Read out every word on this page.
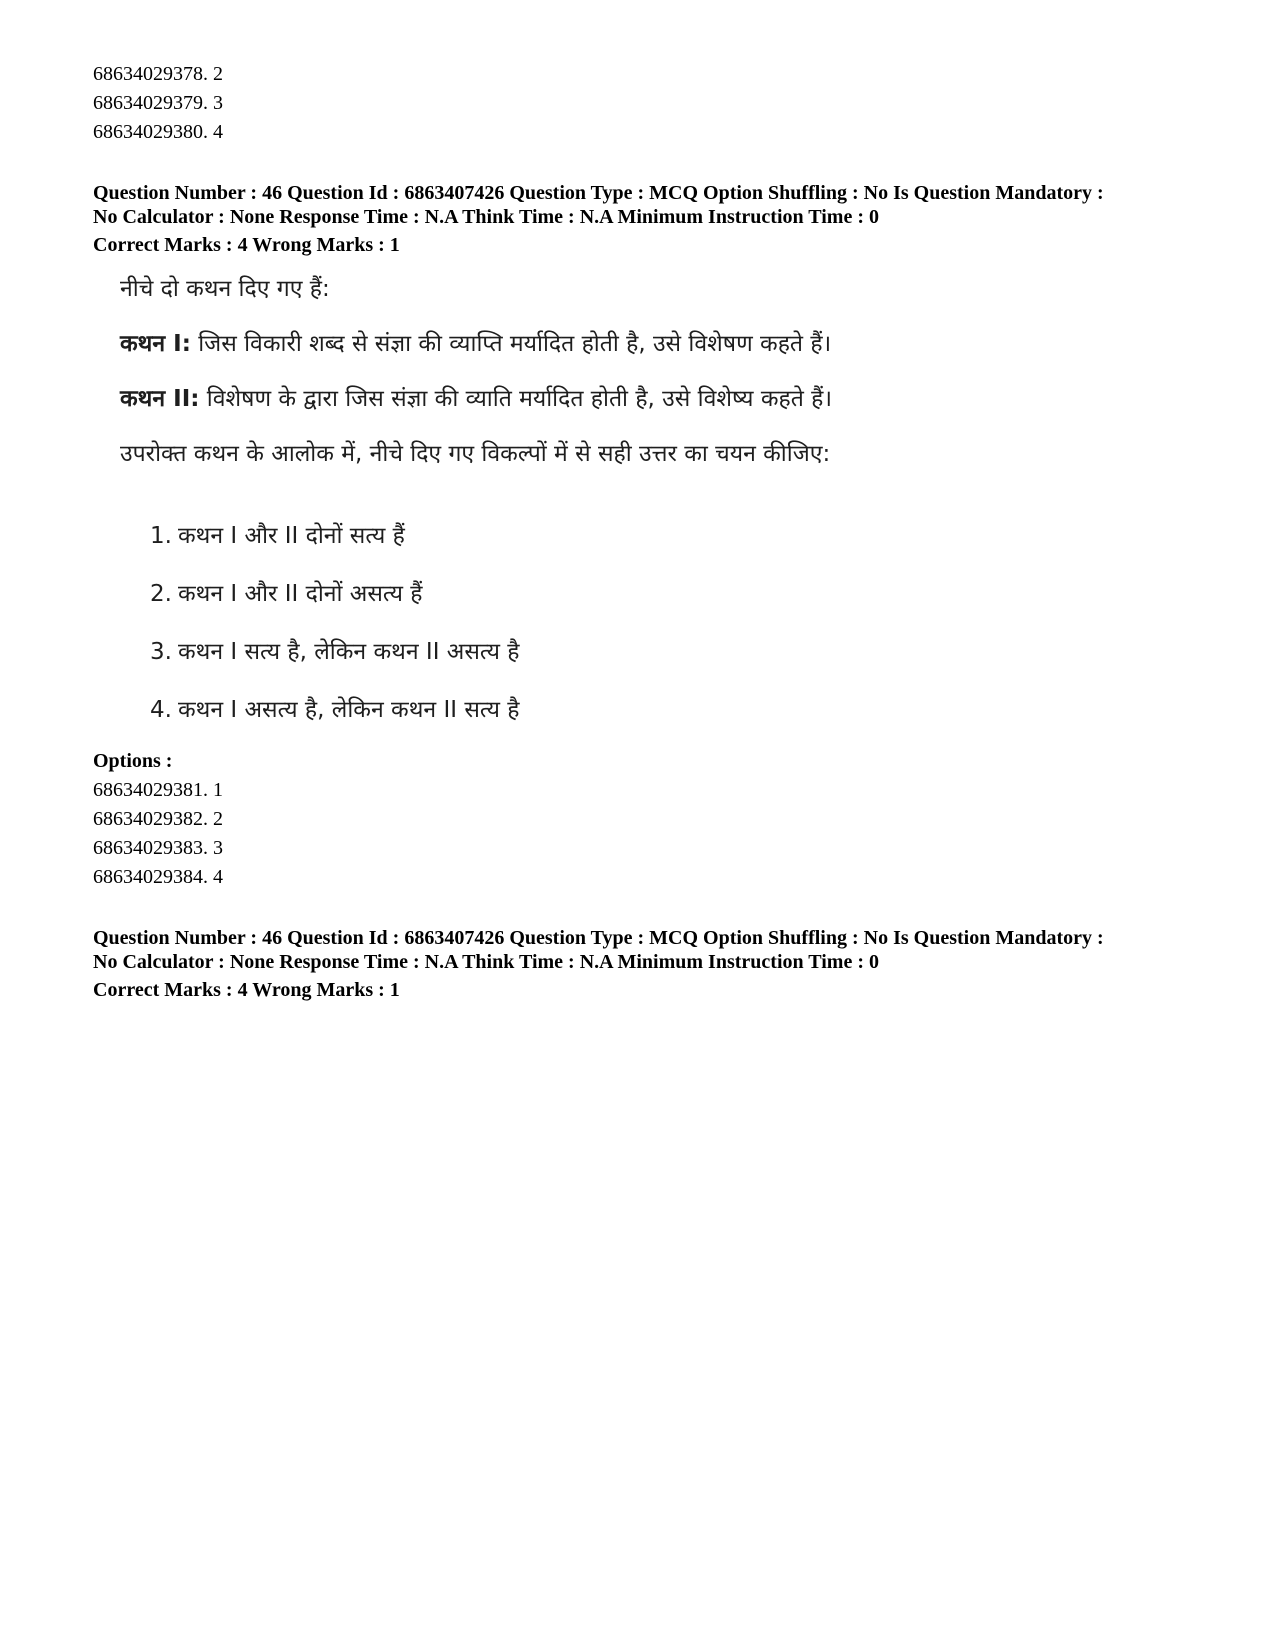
68634029378. 2
68634029379. 3
68634029380. 4
Question Number : 46 Question Id : 6863407426 Question Type : MCQ Option Shuffling : No Is Question Mandatory :
No Calculator : None Response Time : N.A Think Time : N.A Minimum Instruction Time : 0
Correct Marks : 4 Wrong Marks : 1
नीचे दो कथन दिए गए हैं:
कथन I: जिस विकारी शब्द से संज्ञा की व्याप्ति मर्यादित होती है, उसे विशेषण कहते हैं।
कथन II: विशेषण के द्वारा जिस संज्ञा की व्याति मर्यादित होती है, उसे विशेष्य कहते हैं।
उपरोक्त कथन के आलोक में, नीचे दिए गए विकल्पों में से सही उत्तर का चयन कीजिए:
1. कथन I और II दोनों सत्य हैं
2. कथन I और II दोनों असत्य हैं
3. कथन I सत्य है, लेकिन कथन II असत्य है
4. कथन I असत्य है, लेकिन कथन II सत्य है
Options :
68634029381. 1
68634029382. 2
68634029383. 3
68634029384. 4
Question Number : 46 Question Id : 6863407426 Question Type : MCQ Option Shuffling : No Is Question Mandatory :
No Calculator : None Response Time : N.A Think Time : N.A Minimum Instruction Time : 0
Correct Marks : 4 Wrong Marks : 1
